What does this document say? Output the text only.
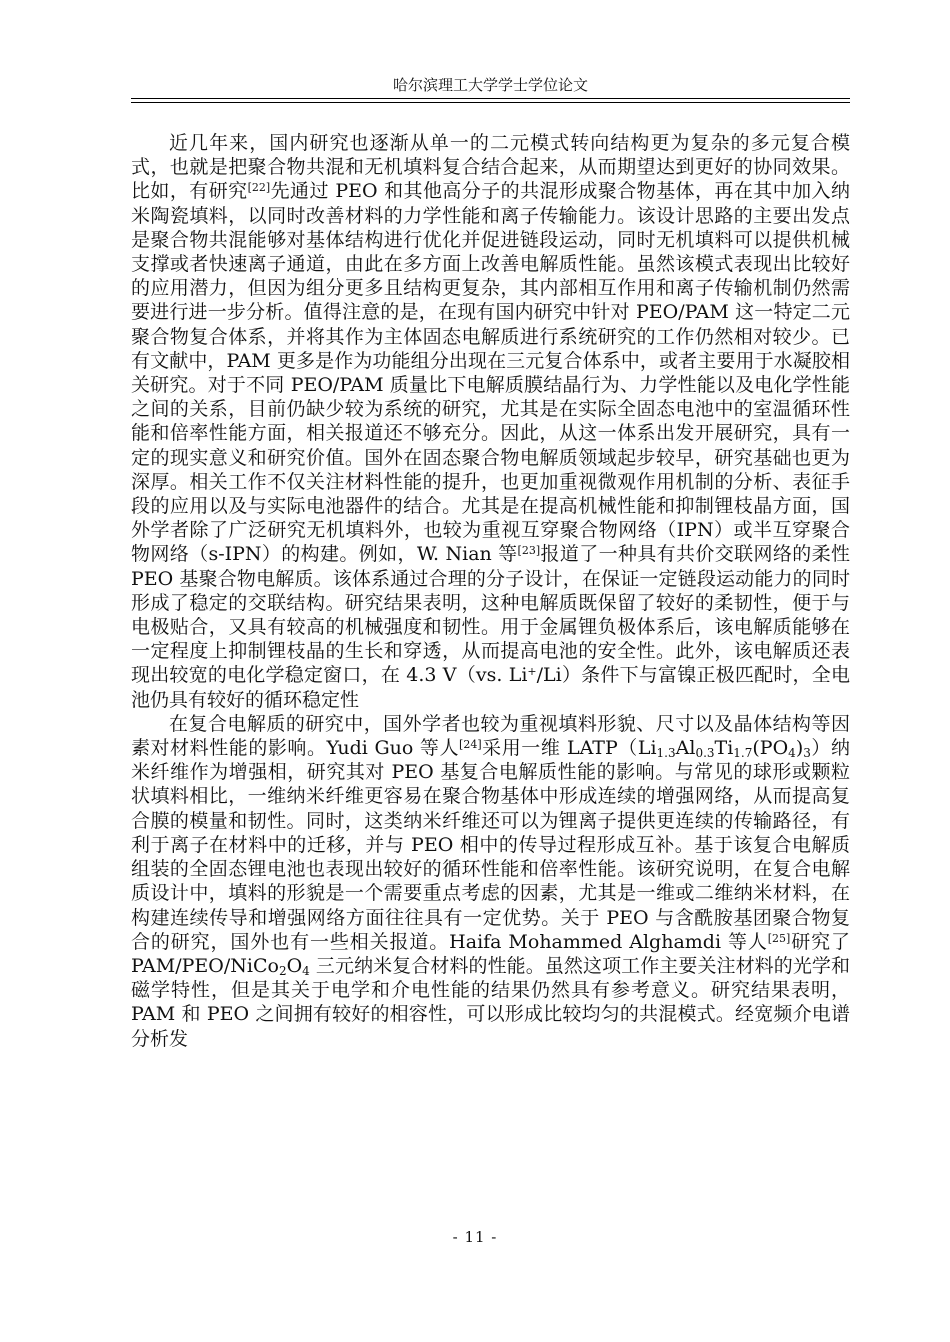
哈尔滨理工大学学士学位论文

近几年来，国内研究也逐渐从单一的二元模式转向结构更为复杂的多元复合模式，也就是把聚合物共混和无机填料复合结合起来，从而期望达到更好的协同效果。比如，有研究[22]先通过 PEO 和其他高分子的共混形成聚合物基体，再在其中加入纳米陶瓷填料，以同时改善材料的力学性能和离子传输能力。该设计思路的主要出发点是聚合物共混能够对基体结构进行优化并促进链段运动，同时无机填料可以提供机械支撑或者快速离子通道，由此在多方面上改善电解质性能。虽然该模式表现出比较好的应用潜力，但因为组分更多且结构更复杂，其内部相互作用和离子传输机制仍然需要进行进一步分析。值得注意的是，在现有国内研究中针对 PEO/PAM 这一特定二元聚合物复合体系，并将其作为主体固态电解质进行系统研究的工作仍然相对较少。已有文献中，PAM 更多是作为功能组分出现在三元复合体系中，或者主要用于水凝胶相关研究。对于不同 PEO/PAM 质量比下电解质膜结晶行为、力学性能以及电化学性能之间的关系，目前仍缺少较为系统的研究，尤其是在实际全固态电池中的室温循环性能和倍率性能方面，相关报道还不够充分。因此，从这一体系出发开展研究，具有一定的现实意义和研究价值。国外在固态聚合物电解质领域起步较早，研究基础也更为深厚。相关工作不仅关注材料性能的提升，也更加重视微观作用机制的分析、表征手段的应用以及与实际电池器件的结合。尤其是在提高机械性能和抑制锂枝晶方面，国外学者除了广泛研究无机填料外，也较为重视互穿聚合物网络（IPN）或半互穿聚合物网络（s-IPN）的构建。例如，W. Nian 等[23]报道了一种具有共价交联网络的柔性 PEO 基聚合物电解质。该体系通过合理的分子设计，在保证一定链段运动能力的同时形成了稳定的交联结构。研究结果表明，这种电解质既保留了较好的柔韧性，便于与电极贴合，又具有较高的机械强度和韧性。用于金属锂负极体系后，该电解质能够在一定程度上抑制锂枝晶的生长和穿透，从而提高电池的安全性。此外，该电解质还表现出较宽的电化学稳定窗口，在 4.3 V（vs. Li+/Li）条件下与富镍正极匹配时，全电池仍具有较好的循环稳定性

在复合电解质的研究中，国外学者也较为重视填料形貌、尺寸以及晶体结构等因素对材料性能的影响。Yudi Guo 等人[24]采用一维 $LATP(Li_{1.3}Al_{0.3}Ti_{1.7}(PO_4)_3)$纳米纤维作为增强相，研究其对 PEO 基复合电解质性能的影响。与常见的球形或颗粒状填料相比，一维纳米纤维更容易在聚合物基体中形成连续的增强网络，从而提高复合膜的模量和韧性。同时，这类纳米纤维还可以为锂离子提供更连续的传输路径，有利于离子在材料中的迁移，并与 PEO 相中的传导过程形成互补。基于该复合电解质组装的全固态锂电池也表现出较好的循环性能和倍率性能。该研究说明，在复合电解质设计中，填料的形貌是一个需要重点考虑的因素，尤其是一维或二维纳米材料，在构建连续传导和增强网络方面往往具有一定优势。关于 PEO 与含酰胺基团聚合物复合的研究，国外也有一些相关报道。Haifa Mohammed Alghamdi 等人[25]研究了 PAM/$PEO/NiCo_2O_4$ 三元纳米复合材料的性能。虽然这项工作主要关注材料的光学和磁学特性，但是其关于电学和介电性能的结果仍然具有参考意义。研究结果表明，PAM 和 PEO 之间拥有较好的相容性，可以形成比较均匀的共混模式。经宽频介电谱分析发

- 11 -
